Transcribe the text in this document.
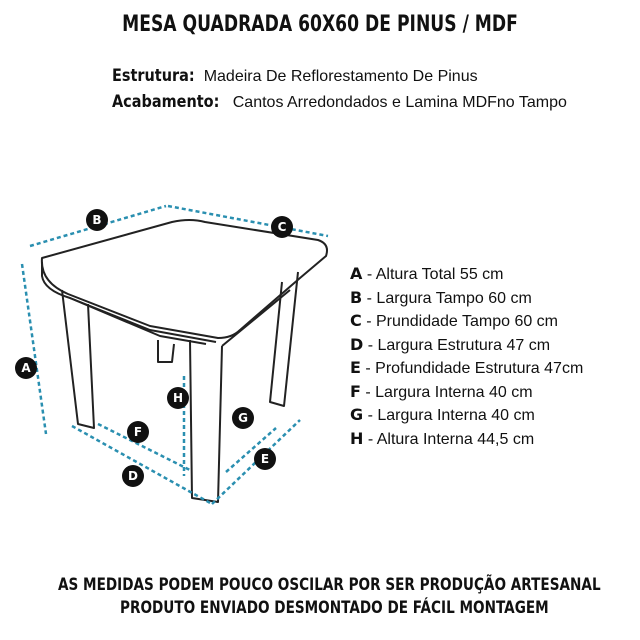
MESA QUADRADA 60X60 DE PINUS / MDF
Estrutura: Madeira De Reflorestamento De Pinus
Acabamento: Cantos Arredondados e Lamina MDFno Tampo
A
B	C
D
E
F
G
H
A - Altura Total 55 cm
B - Largura Tampo 60 cm
C - Prundidade Tampo 60 cm
D - Largura Estrutura 47 cm
E - Profundidade Estrutura 47cm
F - Largura Interna 40 cm
G - Largura Interna 40 cm
H - Altura Interna 44,5 cm
AS MEDIDAS PODEM POUCO OSCILAR POR SER PRODUÇÃO ARTESANAL
PRODUTO ENVIADO DESMONTADO DE FÁCIL MONTAGEM
